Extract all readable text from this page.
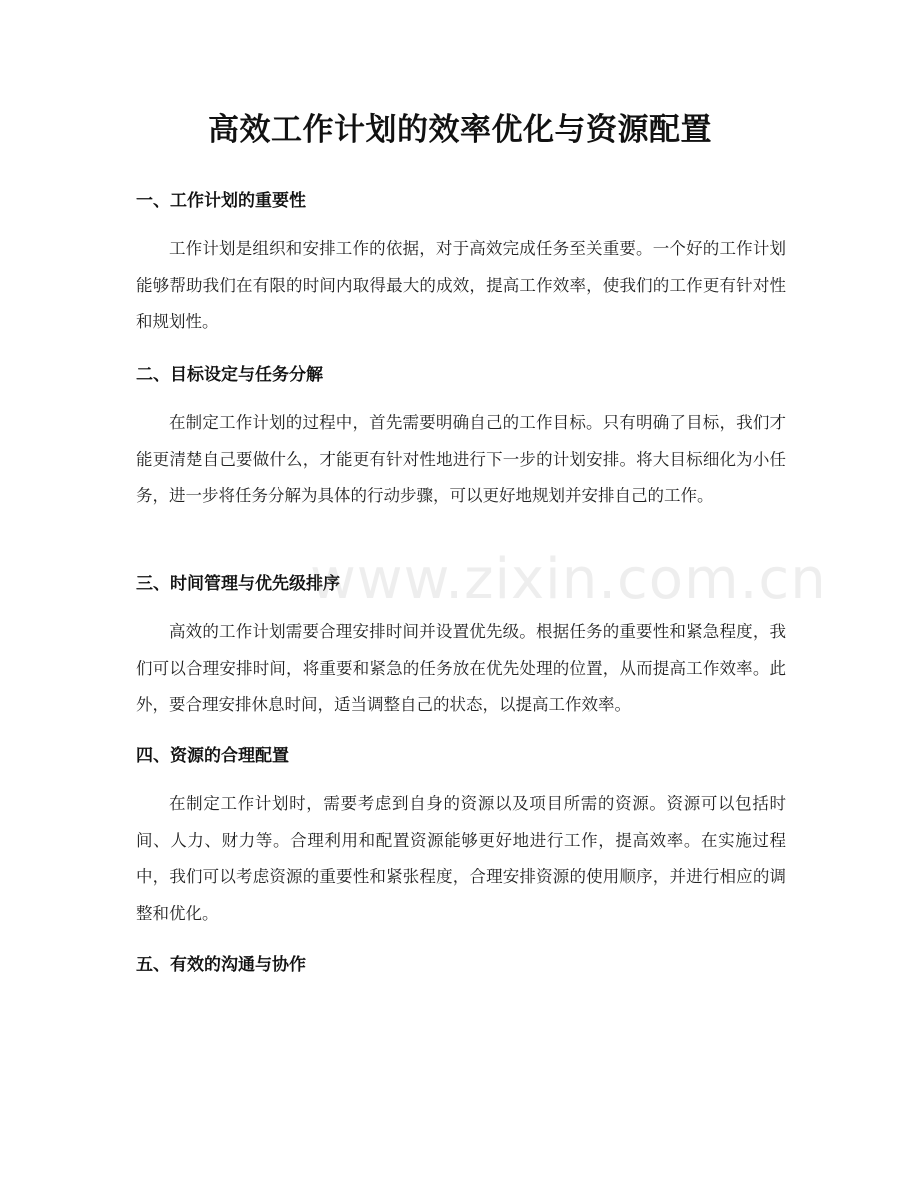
高效工作计划的效率优化与资源配置
一、工作计划的重要性

工作计划是组织和安排工作的依据，对于高效完成任务至关重要。一个好的工作计划能够帮助我们在有限的时间内取得最大的成效，提高工作效率，使我们的工作更有针对性和规划性。

二、目标设定与任务分解

在制定工作计划的过程中，首先需要明确自己的工作目标。只有明确了目标，我们才能更清楚自己要做什么，才能更有针对性地进行下一步的计划安排。将大目标细化为小任务，进一步将任务分解为具体的行动步骤，可以更好地规划并安排自己的工作。

三、时间管理与优先级排序

高效的工作计划需要合理安排时间并设置优先级。根据任务的重要性和紧急程度，我们可以合理安排时间，将重要和紧急的任务放在优先处理的位置，从而提高工作效率。此外，要合理安排休息时间，适当调整自己的状态，以提高工作效率。

四、资源的合理配置

在制定工作计划时，需要考虑到自身的资源以及项目所需的资源。资源可以包括时间、人力、财力等。合理利用和配置资源能够更好地进行工作，提高效率。在实施过程中，我们可以考虑资源的重要性和紧张程度，合理安排资源的使用顺序，并进行相应的调整和优化。

五、有效的沟通与协作
www.zixin.com.cn
